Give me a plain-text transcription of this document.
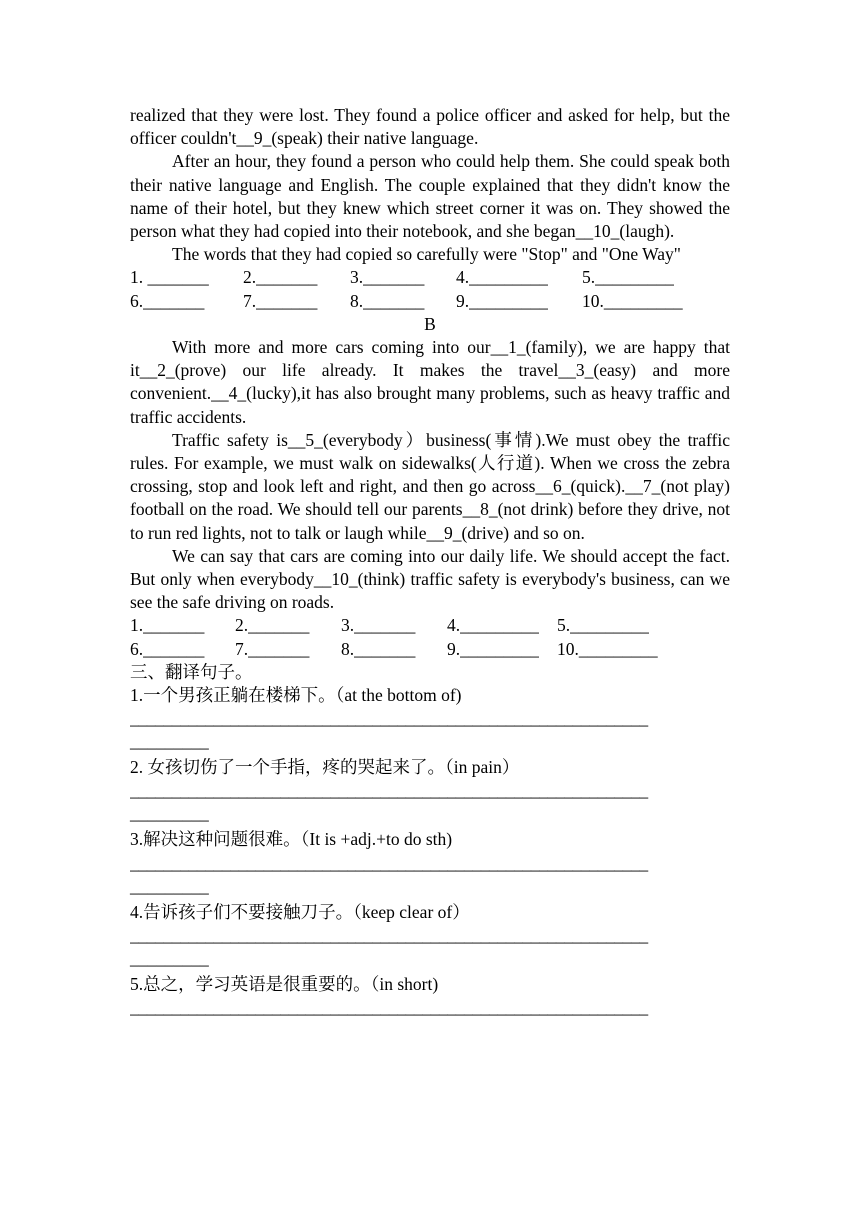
realized that they were lost. They found a police officer and asked for help, but the officer couldn't__9_(speak) their native language.

After an hour, they found a person who could help them. She could speak both their native language and English. The couple explained that they didn't know the name of their hotel, but they knew which street corner it was on. They showed the person what they had copied into their notebook, and she began__10_(laugh).

The words that they had copied so carefully were "Stop" and "One Way"

1. _______	2._______	3._______	4._________	5._________
6._______	7._______	8._______	9._________	10._________

B

With more and more cars coming into our__1_(family), we are happy that it__2_(prove) our life already. It makes the travel__3_(easy) and more convenient.__4_(lucky),it has also brought many problems, such as heavy traffic and traffic accidents.

Traffic safety is__5_(everybody）business(事情).We must obey the traffic rules. For example, we must walk on sidewalks(人行道). When we cross the zebra crossing, stop and look left and right, and then go across__6_(quick).__7_(not play) football on the road. We should tell our parents__8_(not drink) before they drive, not to run red lights, not to talk or laugh while__9_(drive) and so on.

We can say that cars are coming into our daily life. We should accept the fact. But only when everybody__10_(think) traffic safety is everybody's business, can we see the safe driving on roads.

1._______	2._______	3._______	4._________	5._________
6._______	7._______	8._______	9._________	10._________

三、翻译句子。

1.一个男孩正躺在楼梯下。（at the bottom of)

______________________________________________________________
_________

2. 女孩切伤了一个手指，疼的哭起来了。（in pain）

______________________________________________________________
_________

3.解决这种问题很难。（It is +adj.+to do sth)

______________________________________________________________
_________

4.告诉孩子们不要接触刀子。（keep clear of）

______________________________________________________________
_________

5.总之，学习英语是很重要的。（in short)

______________________________________________________________
